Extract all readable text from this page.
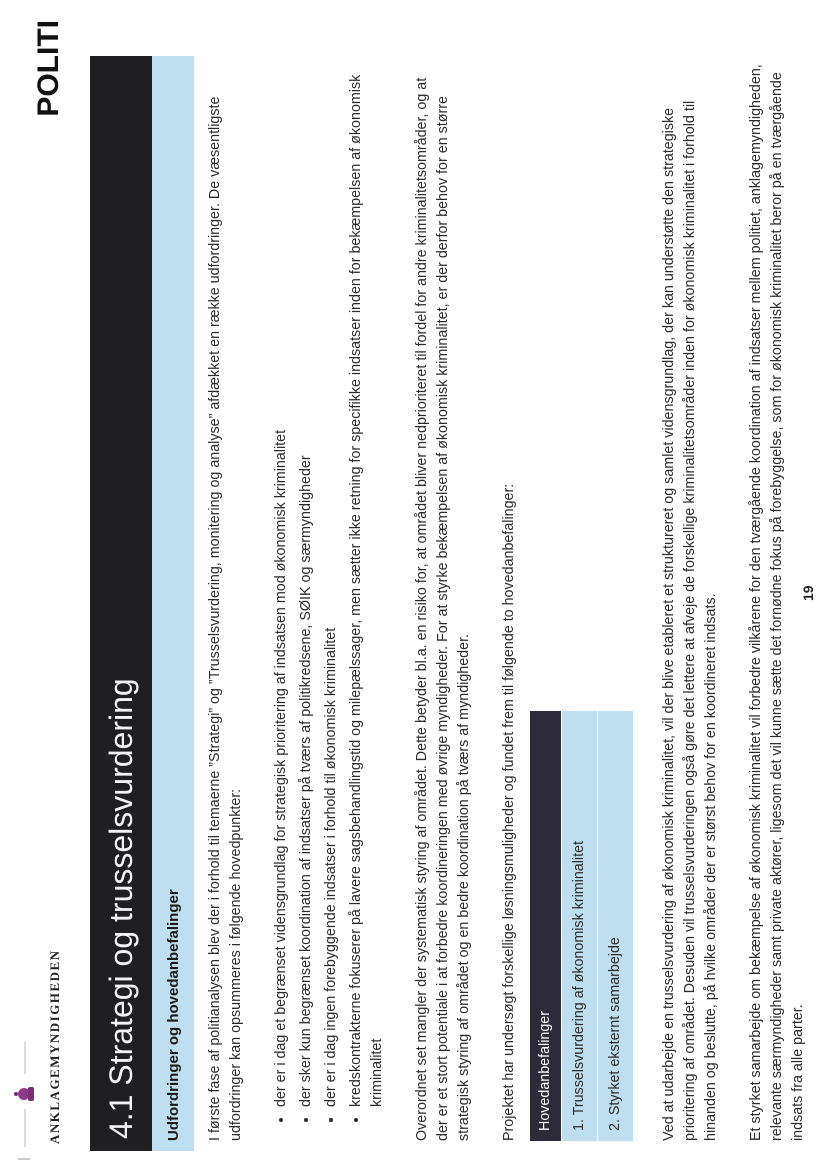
ANKLAGEMYNDIGHEDEN
POLITI
4.1 Strategi og trusselsvurdering Udfordringer og hovedanbefalinger I første fase af politianalysen blev der i forhold til temaerne ”Strategi” og ”Trusselsvurdering, monitering og analyse” afdækket en række udfordringer. De væsentligste udfordringer kan opsummeres i følgende hovedpunkter: • der er i dag et begrænset vidensgrundlag for strategisk prioritering af indsatsen mod økonomisk kriminalitet • der sker kun begrænset koordination af indsatser på tværs af politikredsene, SØIK og særmyndigheder • der er i dag ingen forebyggende indsatser i forhold til økonomisk kriminalitet • kredskontrakterne fokuserer på lavere sagsbehandlingstid og milepælssager, men sætter ikke retning for specifikke indsatser inden for bekæmpelsen af økonomisk kriminalitet Overordnet set mangler der systematisk styring af området. Dette betyder bl.a. en risiko for, at området bliver nedprioriteret til fordel for andre kriminalitetsområder, og at der er et stort potentiale i at forbedre koordineringen med øvrige myndigheder. For at styrke bekæmpelsen af økonomisk kriminalitet, er der derfor behov for en større strategisk styring af området og en bedre koordination på tværs af myndigheder. Projektet har undersøgt forskellige løsningsmuligheder og fundet frem til følgende to hovedanbefalinger:	Hovedanbefalinger	1. Trusselsvurdering af økonomisk kriminalitet	2. Styrket eksternt samarbejde	Ved at udarbejde en trusselsvurdering af økonomisk kriminalitet, vil der blive etableret et struktureret og samlet vidensgrundlag, der kan understøtte den strategiske prioritering af området. Desuden vil trusselsvurderingen også gøre det lettere at afveje de forskellige kriminalitetsområder inden for økonomisk kriminalitet i forhold til hinanden og beslutte, på hvilke områder der er størst behov for en koordineret indsats. Et styrket samarbejde om bekæmpelse af økonomisk kriminalitet vil forbedre vilkårene for den tværgående koordination af indsatser mellem politiet, anklagemyndigheden, relevante særmyndigheder samt private aktører, ligesom det vil kunne sætte det fornødne fokus på forebyggelse, som for økonomisk kriminalitet beror på en tværgående indsats fra alle parter.

19
